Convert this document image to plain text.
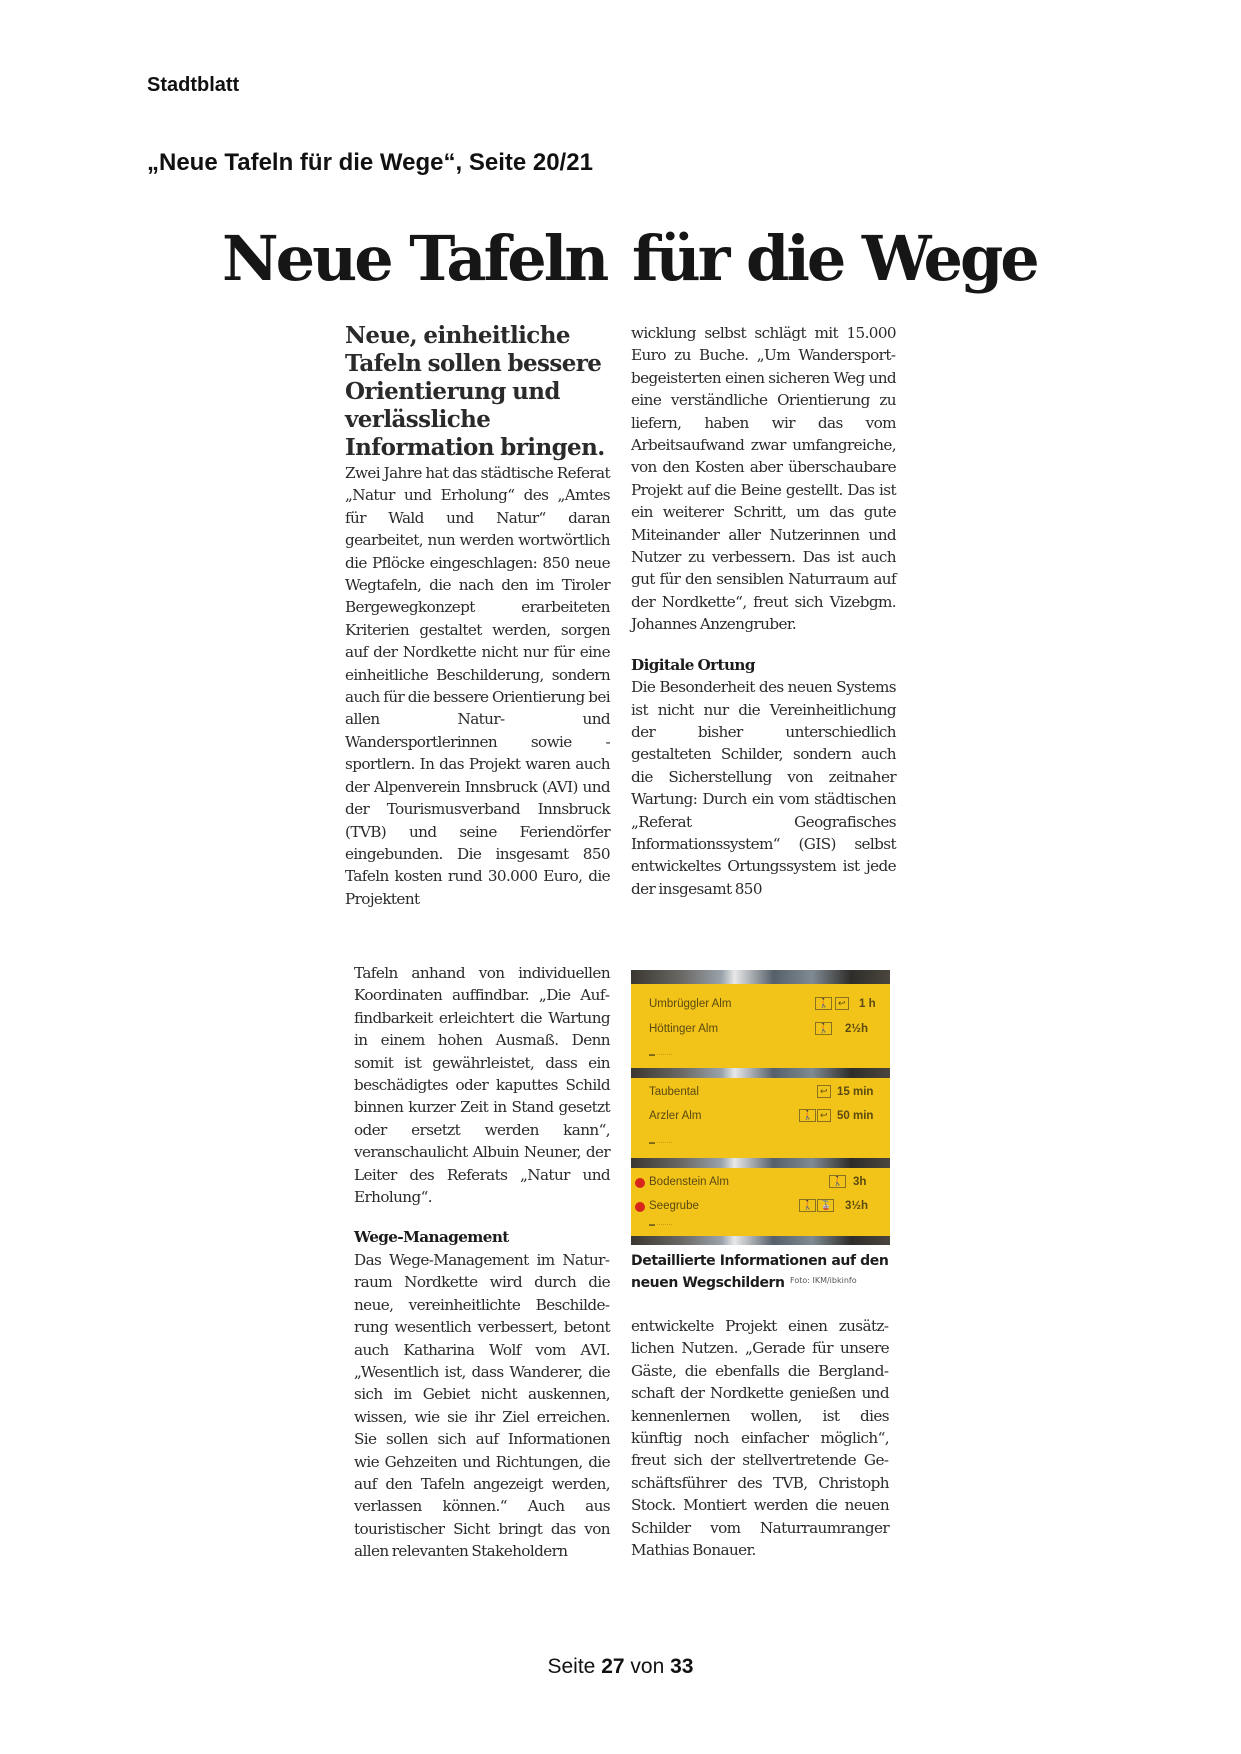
Stadtblatt
„Neue Tafeln für die Wege“, Seite 20/21
Neue Tafeln für die Wege

Neue, einheitliche Tafeln sollen bessere Orientierung und verlässliche Information bringen.

Zwei Jahre hat das städtische Referat „Natur und Erholung“ des „Amtes für Wald und Natur“ daran gearbeitet, nun werden wortwörtlich die Pflöcke eingeschlagen: 850 neue Wegtafeln, die nach den im Tiroler Bergewegkonzept erarbeiteten Kriterien gestaltet werden, sorgen auf der Nordkette nicht nur für eine einheitliche Beschilderung, sondern auch für die bessere Orientierung bei allen Natur- und Wandersportlerinnen sowie -sportlern. In das Projekt waren auch der Alpenverein Innsbruck (AVI) und der Tourismusverband Innsbruck (TVB) und seine Feriendörfer eingebunden. Die insgesamt 850 Tafeln kosten rund 30.000 Euro, die Projektent

wicklung selbst schlägt mit 15.000 Euro zu Buche. „Um Wandersportbegeisterten einen sicheren Weg und eine verständliche Orientierung zu liefern, haben wir das vom Arbeitsaufwand zwar umfangreiche, von den Kosten aber überschaubare Projekt auf die Beine gestellt. Das ist ein weiterer Schritt, um das gute Miteinander aller Nutzerinnen und Nutzer zu verbessern. Das ist auch gut für den sensiblen Naturraum auf der Nordkette“, freut sich Vizebgm. Johannes Anzengruber.

Digitale Ortung

Die Besonderheit des neuen Systems ist nicht nur die Vereinheitlichung der bisher unterschiedlich gestalteten Schilder, sondern auch die Sicherstellung von zeitnaher Wartung: Durch ein vom städtischen „Referat Geografisches Informationssystem“ (GIS) selbst entwickeltes Ortungssystem ist jede der insgesamt 850

Tafeln anhand von individuellen Koordinaten auffindbar. „Die Auffindbarkeit erleichtert die Wartung in einem hohen Ausmaß. Denn somit ist gewährleistet, dass ein beschädigtes oder kaputtes Schild binnen kurzer Zeit in Stand gesetzt oder ersetzt werden kann“, veranschaulicht Albuin Neuner, der Leiter des Referats „Natur und Erholung“.

Wege-Management

Das Wege-Management im Naturraum Nordkette wird durch die neue, vereinheitlichte Beschilderung wesentlich verbessert, betont auch Katharina Wolf vom AVI. „Wesentlich ist, dass Wanderer, die sich im Gebiet nicht auskennen, wissen, wie sie ihr Ziel erreichen. Sie sollen sich auf Informationen wie Gehzeiten und Richtungen, die auf den Tafeln angezeigt werden, verlassen können.“ Auch aus touristischer Sicht bringt das von allen relevanten Stakeholdern

Umbrüggler Alm	🚶 ↩ 1 h
Höttinger Alm	🚶 2½h
▬ ········
Taubental	↩ 15 min
Arzler Alm	🚶 ↩ 50 min
▬ ········
Bodenstein Alm	🚶 3h
Seegrube	🚶 🚡 3½h
▬ ········
Detaillierte Informationen auf den neuen Wegschildern Foto: IKM/ibkinfo

entwickelte Projekt einen zusätzlichen Nutzen. „Gerade für unsere Gäste, die ebenfalls die Berglandschaft der Nordkette genießen und kennenlernen wollen, ist dies künftig noch einfacher möglich“, freut sich der stellvertretende Geschäftsführer des TVB, Christoph Stock. Montiert werden die neuen Schilder vom Naturraumranger Mathias Bonauer.

Seite 27 von 33
